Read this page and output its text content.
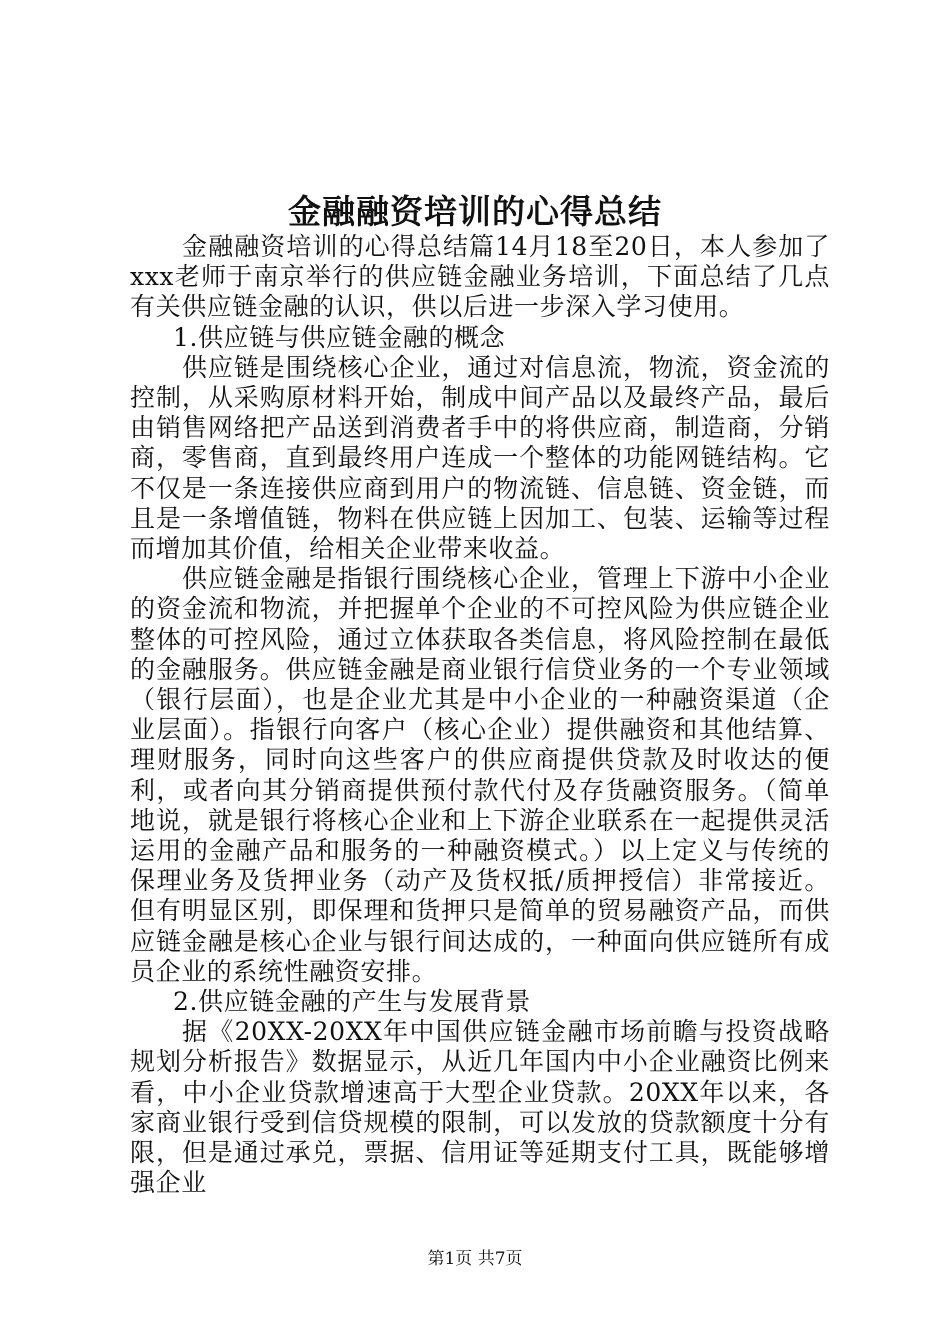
金融融资培训的心得总结

金融融资培训的心得总结篇14月18至20日，本人参加了xxx老师于南京举行的供应链金融业务培训，下面总结了几点有关供应链金融的认识，供以后进一步深入学习使用。

1.供应链与供应链金融的概念

供应链是围绕核心企业，通过对信息流，物流，资金流的控制，从采购原材料开始，制成中间产品以及最终产品，最后由销售网络把产品送到消费者手中的将供应商，制造商，分销商，零售商，直到最终用户连成一个整体的功能网链结构。它不仅是一条连接供应商到用户的物流链、信息链、资金链，而且是一条增值链，物料在供应链上因加工、包装、运输等过程而增加其价值，给相关企业带来收益。

供应链金融是指银行围绕核心企业，管理上下游中小企业的资金流和物流，并把握单个企业的不可控风险为供应链企业整体的可控风险，通过立体获取各类信息，将风险控制在最低的金融服务。供应链金融是商业银行信贷业务的一个专业领域（银行层面），也是企业尤其是中小企业的一种融资渠道（企业层面）。指银行向客户（核心企业）提供融资和其他结算、理财服务，同时向这些客户的供应商提供贷款及时收达的便利，或者向其分销商提供预付款代付及存货融资服务。（简单地说，就是银行将核心企业和上下游企业联系在一起提供灵活运用的金融产品和服务的一种融资模式。）以上定义与传统的保理业务及货押业务（动产及货权抵/质押授信）非常接近。但有明显区别，即保理和货押只是简单的贸易融资产品，而供应链金融是核心企业与银行间达成的，一种面向供应链所有成员企业的系统性融资安排。

2.供应链金融的产生与发展背景

据《20XX-20XX年中国供应链金融市场前瞻与投资战略规划分析报告》数据显示，从近几年国内中小企业融资比例来看，中小企业贷款增速高于大型企业贷款。20XX年以来，各家商业银行受到信贷规模的限制，可以发放的贷款额度十分有限，但是通过承兑，票据、信用证等延期支付工具，既能够增强企业

第1页 共7页
